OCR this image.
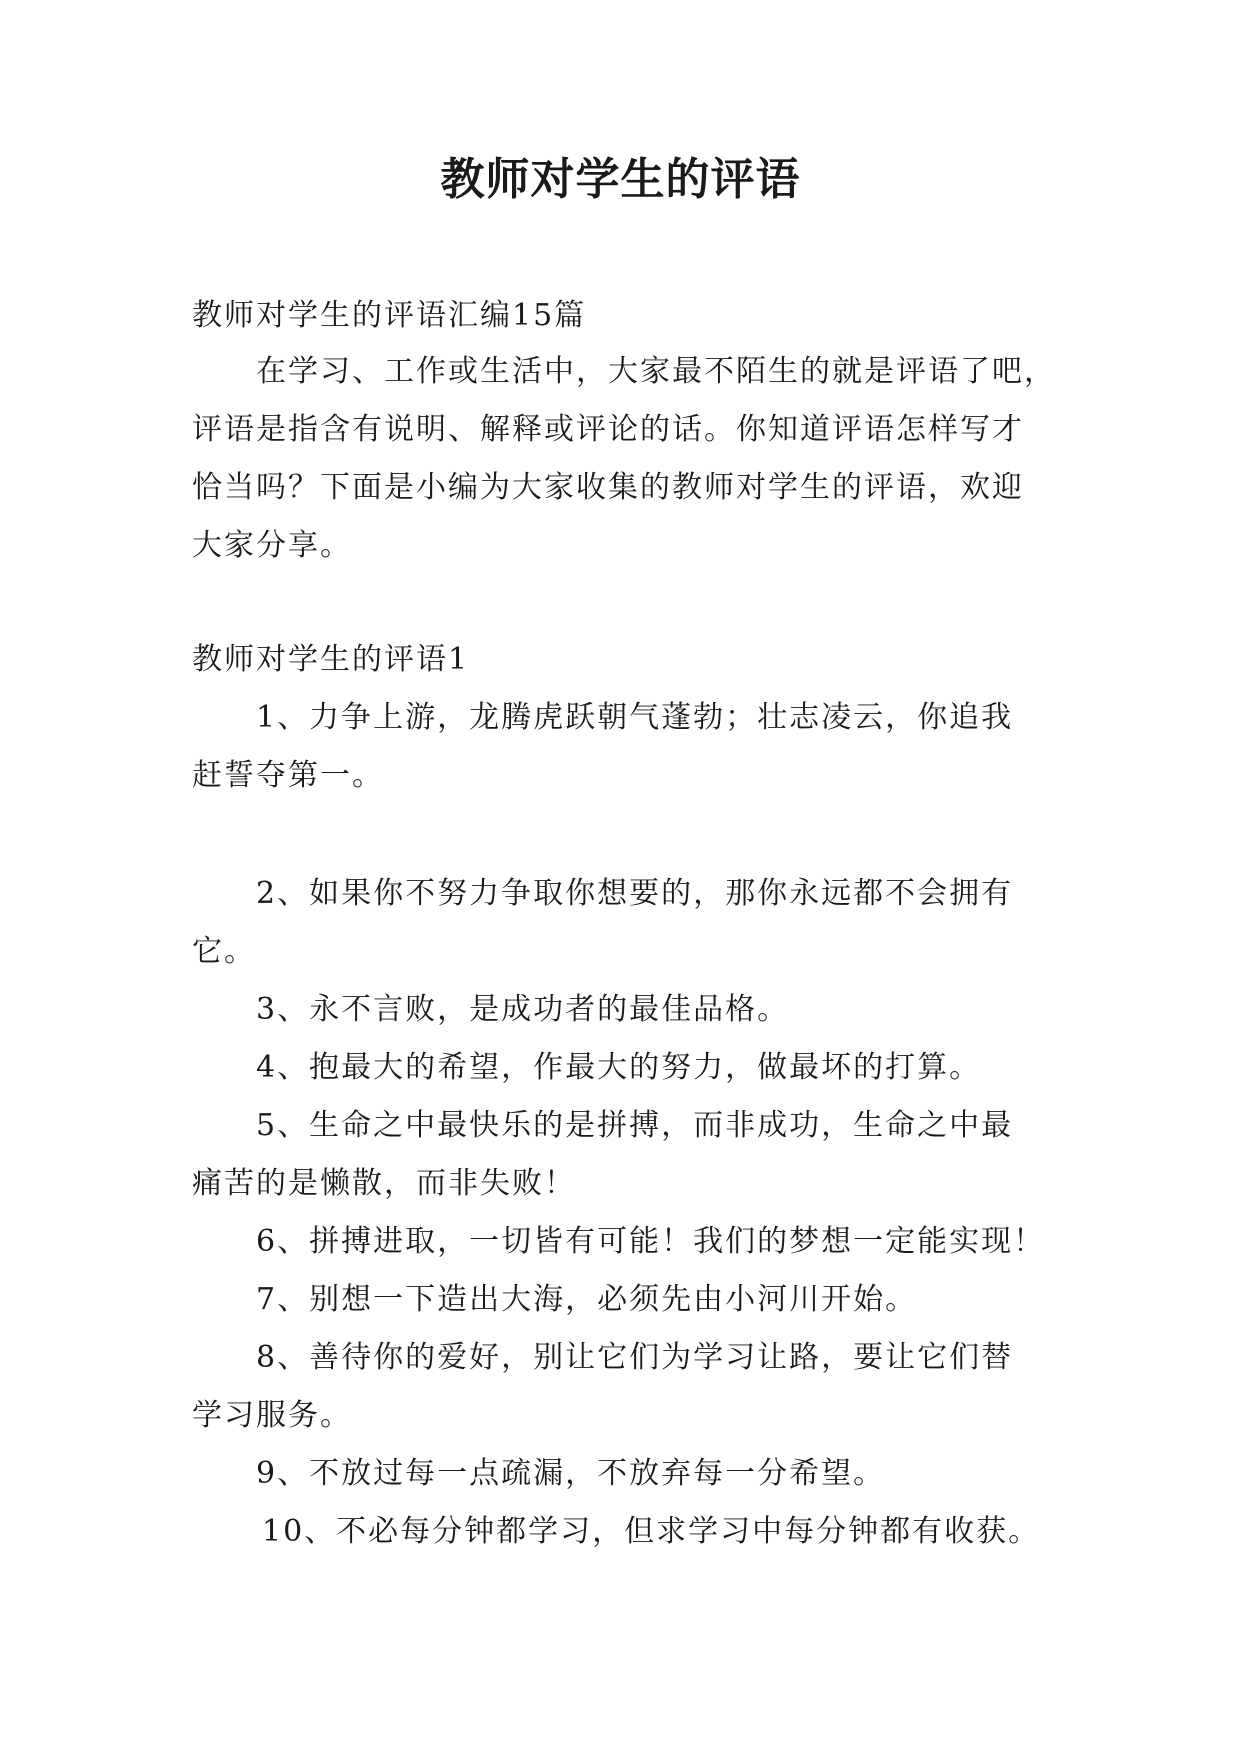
教师对学生的评语

教师对学生的评语汇编15篇

在学习、工作或生活中，大家最不陌生的就是评语了吧，

评语是指含有说明、解释或评论的话。你知道评语怎样写才

恰当吗？下面是小编为大家收集的教师对学生的评语，欢迎

大家分享。

教师对学生的评语1

1、力争上游，龙腾虎跃朝气蓬勃；壮志凌云，你追我

赶誓夺第一。

2、如果你不努力争取你想要的，那你永远都不会拥有

它。

3、永不言败，是成功者的最佳品格。

4、抱最大的希望，作最大的努力，做最坏的打算。

5、生命之中最快乐的是拼搏，而非成功，生命之中最

痛苦的是懒散，而非失败！

6、拼搏进取，一切皆有可能！我们的梦想一定能实现！

7、别想一下造出大海，必须先由小河川开始。

8、善待你的爱好，别让它们为学习让路，要让它们替

学习服务。

9、不放过每一点疏漏，不放弃每一分希望。

10、不必每分钟都学习，但求学习中每分钟都有收获。
